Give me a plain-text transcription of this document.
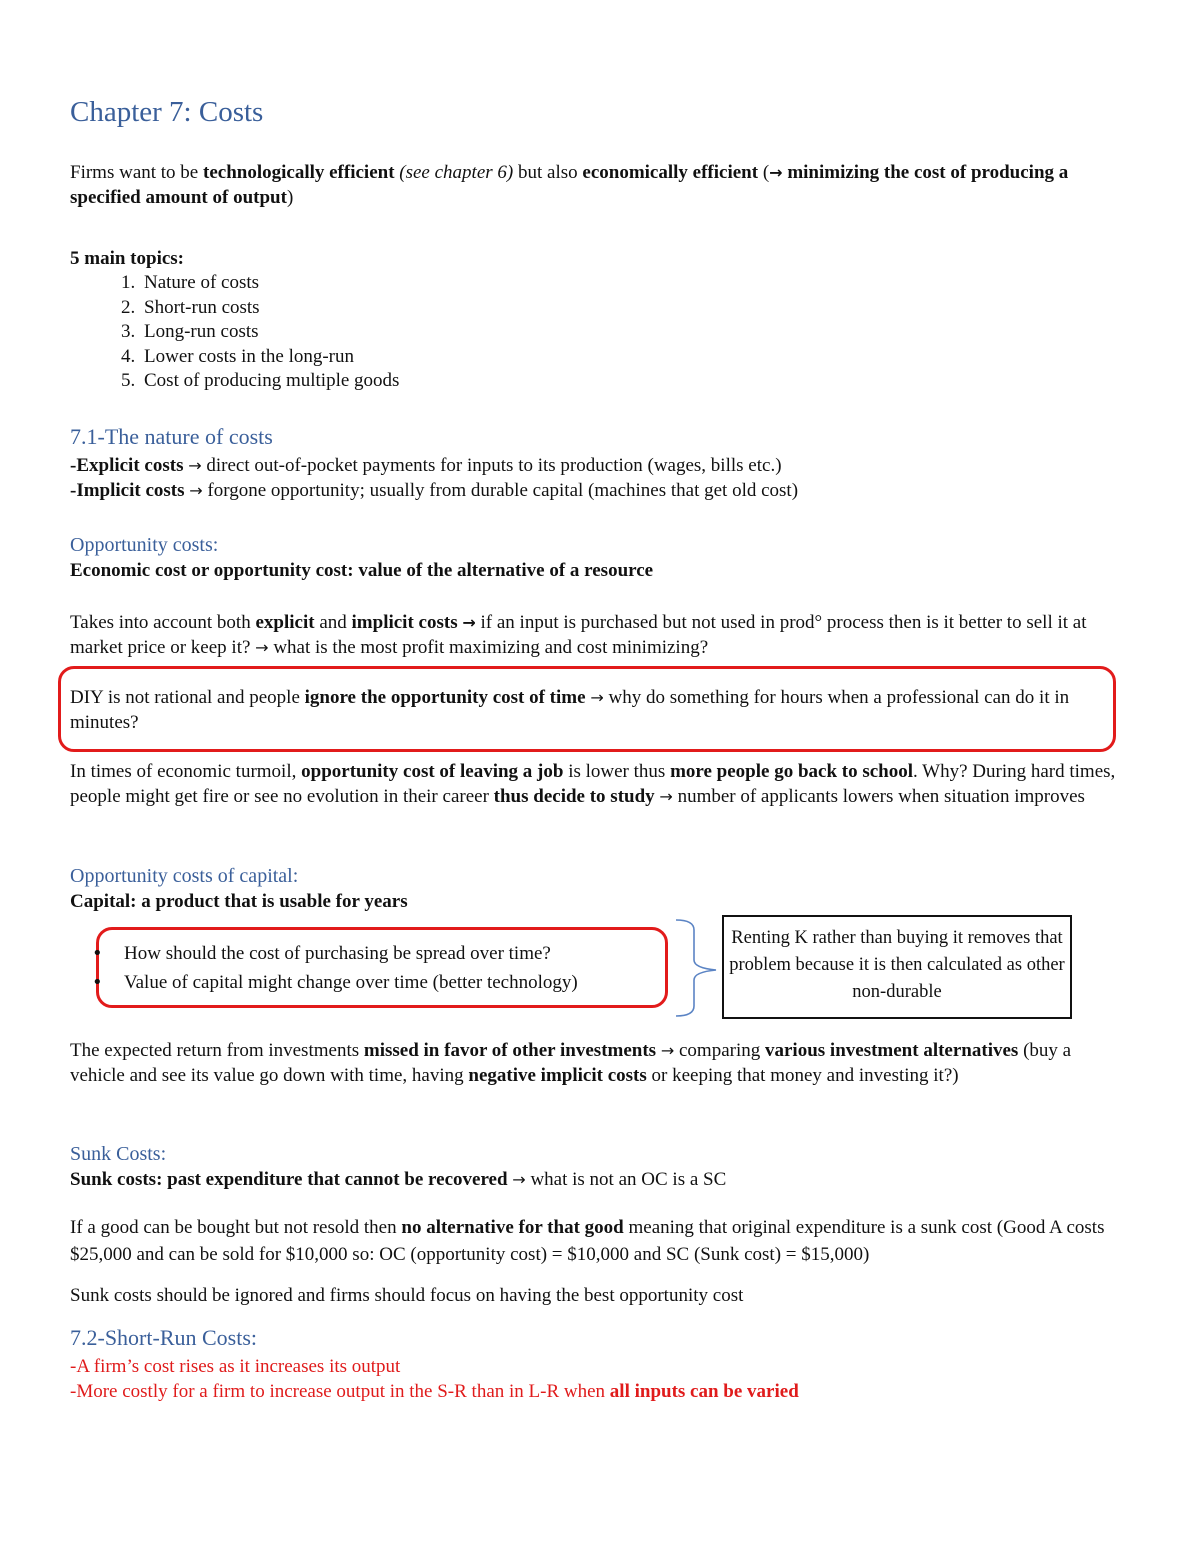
Chapter 7: Costs

Firms want to be technologically efficient (see chapter 6) but also economically efficient (→ minimizing the cost of producing a specified amount of output)

5 main topics:

1. Nature of costs
2. Short-run costs
3. Long-run costs
4. Lower costs in the long-run
5. Cost of producing multiple goods
7.1-The nature of costs

-Explicit costs → direct out-of-pocket payments for inputs to its production (wages, bills etc.)

-Implicit costs → forgone opportunity; usually from durable capital (machines that get old cost)

Opportunity costs:

Economic cost or opportunity cost: value of the alternative of a resource

Takes into account both explicit and implicit costs → if an input is purchased but not used in prod° process then is it better to sell it at market price or keep it? → what is the most profit maximizing and cost minimizing?

DIY is not rational and people ignore the opportunity cost of time → why do something for hours when a professional can do it in minutes?

In times of economic turmoil, opportunity cost of leaving a job is lower thus more people go back to school. Why? During hard times, people might get fire or see no evolution in their career thus decide to study → number of applicants lowers when situation improves

Opportunity costs of capital:

Capital: a product that is usable for years

• How should the cost of purchasing be spread over time?
• Value of capital might change over time (better technology)
Renting K rather than buying it removes that problem because it is then calculated as other non-durable

The expected return from investments missed in favor of other investments → comparing various investment alternatives (buy a vehicle and see its value go down with time, having negative implicit costs or keeping that money and investing it?)

Sunk Costs:

Sunk costs: past expenditure that cannot be recovered → what is not an OC is a SC

If a good can be bought but not resold then no alternative for that good meaning that original expenditure is a sunk cost (Good A costs $25,000 and can be sold for $10,000 so: OC (opportunity cost) = $10,000 and SC (Sunk cost) = $15,000)

Sunk costs should be ignored and firms should focus on having the best opportunity cost

7.2-Short-Run Costs:

-A firm’s cost rises as it increases its output

-More costly for a firm to increase output in the S-R than in L-R when all inputs can be varied
